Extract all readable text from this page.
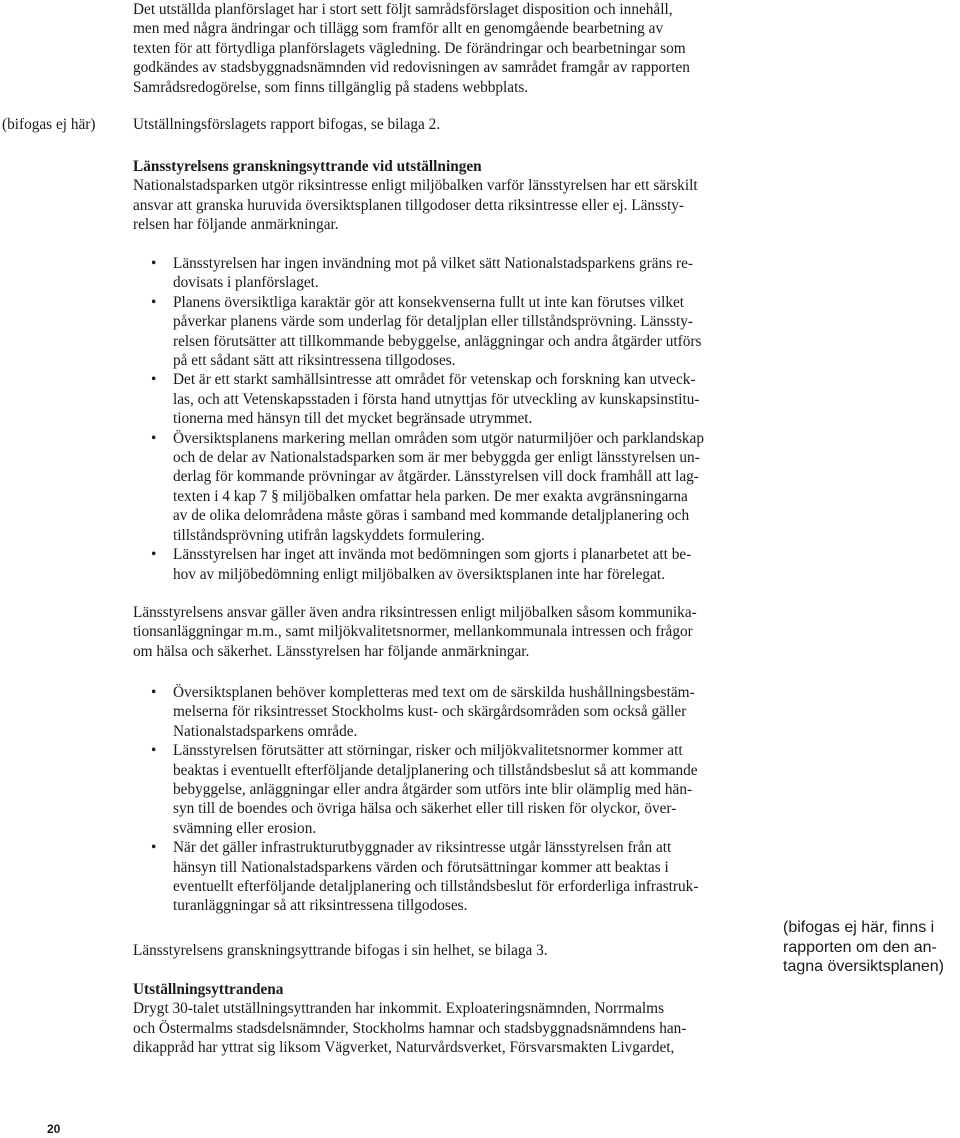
Det utställda planförslaget har i stort sett följt samrådsförslaget disposition och innehåll,
men med några ändringar och tillägg som framför allt en genomgående bearbetning av
texten för att förtydliga planförslagets vägledning. De förändringar och bearbetningar som
godkändes av stadsbyggnadsnämnden vid redovisningen av samrådet framgår av rapporten
Samrådsredogörelse, som finns tillgänglig på stadens webbplats.
(bifogas ej här) Utställningsförslagets rapport bifogas, se bilaga 2.
Länsstyrelsens granskningsyttrande vid utställningen
Nationalstadsparken utgör riksintresse enligt miljöbalken varför länsstyrelsen har ett särskilt
ansvar att granska huruvida översiktsplanen tillgodoser detta riksintresse eller ej. Länssty-
relsen har följande anmärkningar.
• Länsstyrelsen har ingen invändning mot på vilket sätt Nationalstadsparkens gräns re-
dovisats i planförslaget.
• Planens översiktliga karaktär gör att konsekvenserna fullt ut inte kan förutses vilket
påverkar planens värde som underlag för detaljplan eller tillståndsprövning. Länssty-
relsen förutsätter att tillkommande bebyggelse, anläggningar och andra åtgärder utförs
på ett sådant sätt att riksintressena tillgodoses.
• Det är ett starkt samhällsintresse att området för vetenskap och forskning kan utveck-
las, och att Vetenskapsstaden i första hand utnyttjas för utveckling av kunskapsinstitu-
tionerna med hänsyn till det mycket begränsade utrymmet.
• Översiktsplanens markering mellan områden som utgör naturmiljöer och parklandskap
och de delar av Nationalstadsparken som är mer bebyggda ger enligt länsstyrelsen un-
derlag för kommande prövningar av åtgärder. Länsstyrelsen vill dock framhåll att lag-
texten i 4 kap 7 § miljöbalken omfattar hela parken. De mer exakta avgränsningarna
av de olika delområdena måste göras i samband med kommande detaljplanering och
tillståndsprövning utifrån lagskyddets formulering.
• Länsstyrelsen har inget att invända mot bedömningen som gjorts i planarbetet att be-
hov av miljöbedömning enligt miljöbalken av översiktsplanen inte har förelegat.
Länsstyrelsens ansvar gäller även andra riksintressen enligt miljöbalken såsom kommunika-
tionsanläggningar m.m., samt miljökvalitetsnormer, mellankommunala intressen och frågor
om hälsa och säkerhet. Länsstyrelsen har följande anmärkningar.
• Översiktsplanen behöver kompletteras med text om de särskilda hushållningsbestäm-
melserna för riksintresset Stockholms kust- och skärgårdsområden som också gäller
Nationalstadsparkens område.
• Länsstyrelsen förutsätter att störningar, risker och miljökvalitetsnormer kommer att
beaktas i eventuellt efterföljande detaljplanering och tillståndsbeslut så att kommande
bebyggelse, anläggningar eller andra åtgärder som utförs inte blir olämplig med hän-
syn till de boendes och övriga hälsa och säkerhet eller till risken för olyckor, över-
svämning eller erosion.
• När det gäller infrastrukturutbyggnader av riksintresse utgår länsstyrelsen från att
hänsyn till Nationalstadsparkens värden och förutsättningar kommer att beaktas i
eventuellt efterföljande detaljplanering och tillståndsbeslut för erforderliga infrastruk-
turanläggningar så att riksintressena tillgodoses.
Länsstyrelsens granskningsyttrande bifogas i sin helhet, se bilaga 3.
(bifogas ej här, finns i
rapporten om den an-
tagna översiktsplanen)
Utställningsyttrandena
Drygt 30-talet utställningsyttranden har inkommit. Exploateringsnämnden, Norrmalms
och Östermalms stadsdelsnämnder, Stockholms hamnar och stadsbyggnadsnämndens han-
dikappråd har yttrat sig liksom Vägverket, Naturvårdsverket, Försvarsmakten Livgardet,
20
